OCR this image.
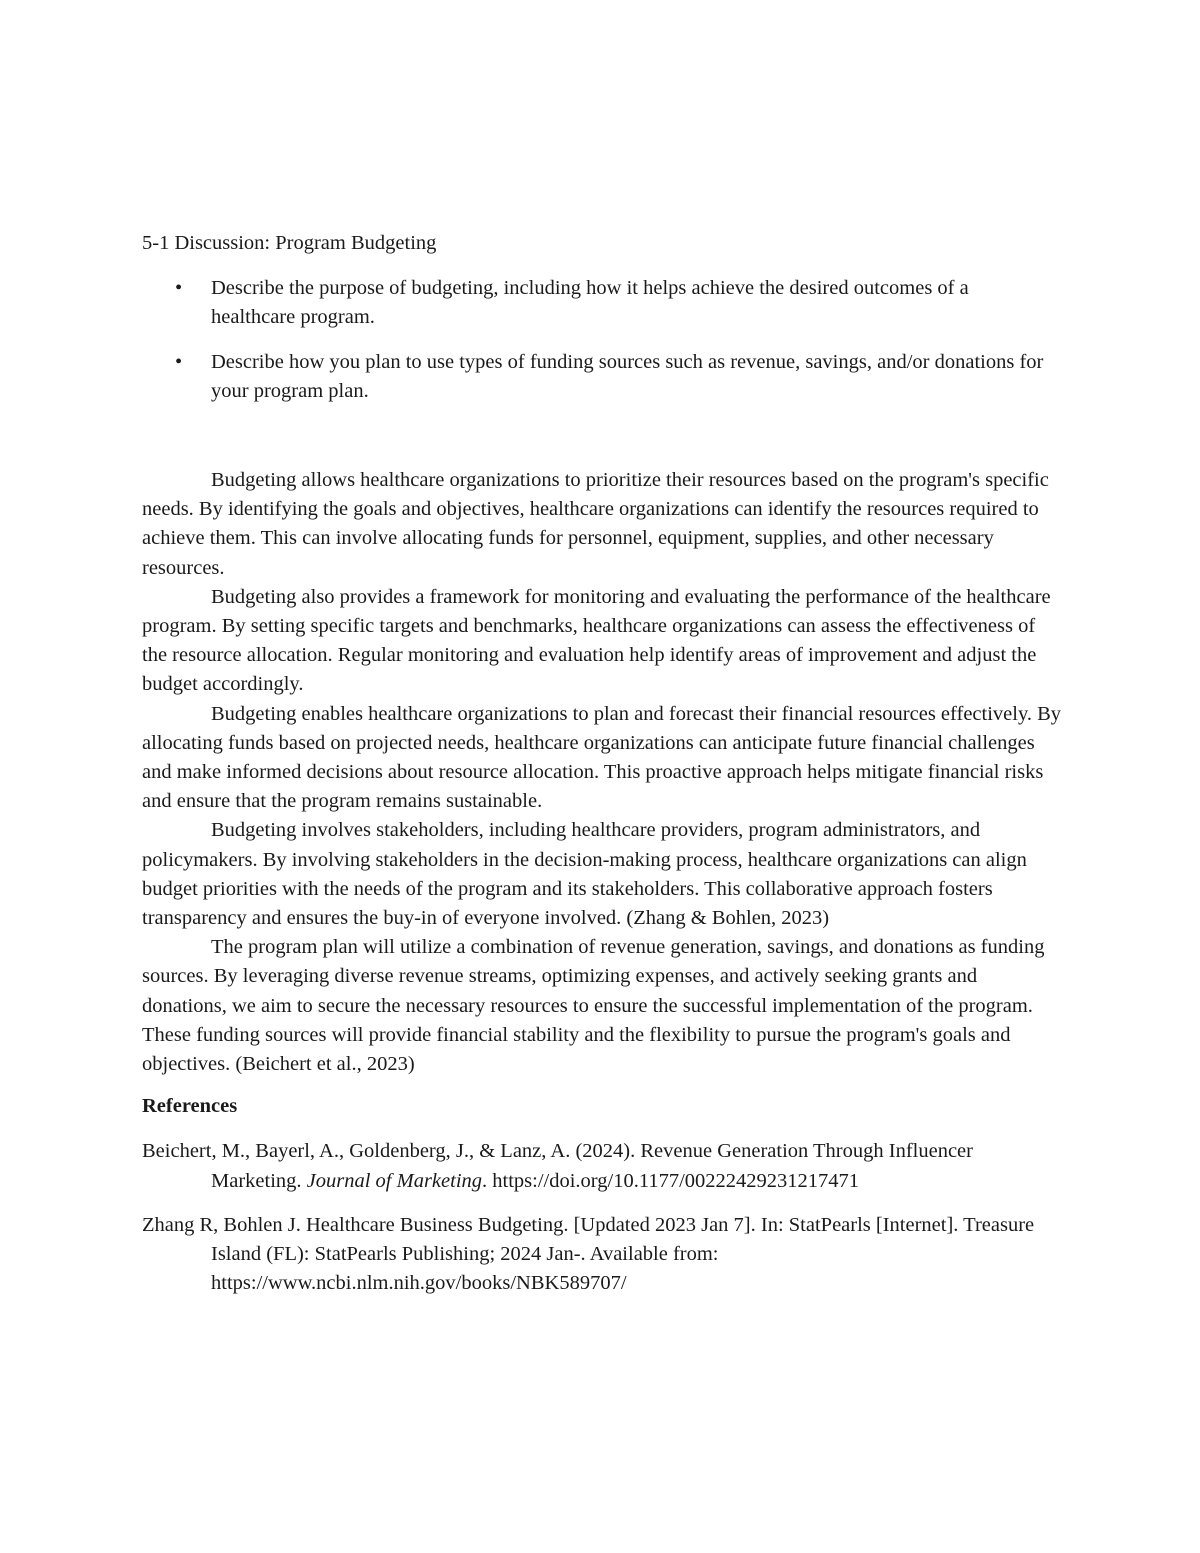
5-1 Discussion: Program Budgeting

• Describe the purpose of budgeting, including how it helps achieve the desired outcomes of a healthcare program.
• Describe how you plan to use types of funding sources such as revenue, savings, and/or donations for your program plan.

Budgeting allows healthcare organizations to prioritize their resources based on the program's specific needs. By identifying the goals and objectives, healthcare organizations can identify the resources required to achieve them. This can involve allocating funds for personnel, equipment, supplies, and other necessary resources.

Budgeting also provides a framework for monitoring and evaluating the performance of the healthcare program. By setting specific targets and benchmarks, healthcare organizations can assess the effectiveness of the resource allocation. Regular monitoring and evaluation help identify areas of improvement and adjust the budget accordingly.

Budgeting enables healthcare organizations to plan and forecast their financial resources effectively. By allocating funds based on projected needs, healthcare organizations can anticipate future financial challenges and make informed decisions about resource allocation. This proactive approach helps mitigate financial risks and ensure that the program remains sustainable.

Budgeting involves stakeholders, including healthcare providers, program administrators, and policymakers. By involving stakeholders in the decision-making process, healthcare organizations can align budget priorities with the needs of the program and its stakeholders. This collaborative approach fosters transparency and ensures the buy-in of everyone involved. (Zhang & Bohlen, 2023)

The program plan will utilize a combination of revenue generation, savings, and donations as funding sources. By leveraging diverse revenue streams, optimizing expenses, and actively seeking grants and donations, we aim to secure the necessary resources to ensure the successful implementation of the program. These funding sources will provide financial stability and the flexibility to pursue the program's goals and objectives. (Beichert et al., 2023)

References

Beichert, M., Bayerl, A., Goldenberg, J., & Lanz, A. (2024). Revenue Generation Through Influencer Marketing. Journal of Marketing. https://doi.org/10.1177/00222429231217471

Zhang R, Bohlen J. Healthcare Business Budgeting. [Updated 2023 Jan 7]. In: StatPearls [Internet]. Treasure Island (FL): StatPearls Publishing; 2024 Jan-. Available from: https://www.ncbi.nlm.nih.gov/books/NBK589707/
